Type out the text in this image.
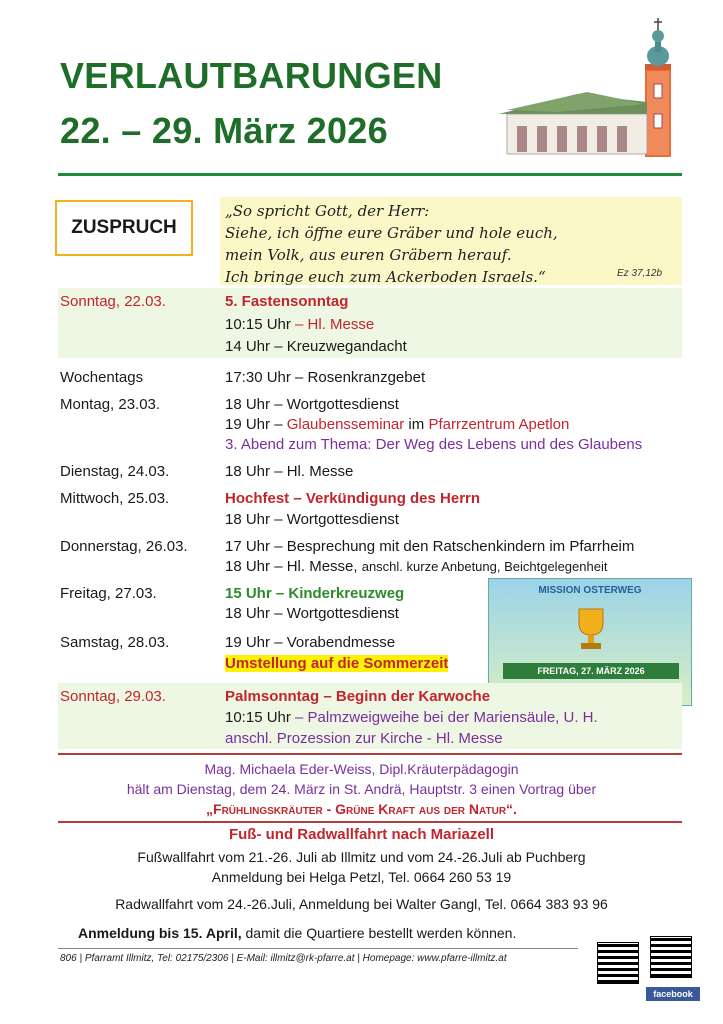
VERLAUTBARUNGEN
22. – 29. März 2026
ZUSPRUCH
„So spricht Gott, der Herr:
Siehe, ich öffne eure Gräber und hole euch,
mein Volk, aus euren Gräbern herauf.
Ich bringe euch zum Ackerboden Israels.“	Ez 37,12b
Sonntag, 22.03.	5. Fastensonntag
10:15 Uhr – Hl. Messe
14 Uhr – Kreuzwegandacht
Wochentags	17:30 Uhr – Rosenkranzgebet
Montag, 23.03.	18 Uhr – Wortgottesdienst
19 Uhr – Glaubensseminar im Pfarrzentrum Apetlon
3. Abend zum Thema: Der Weg des Lebens und des Glaubens
Dienstag, 24.03.	18 Uhr – Hl. Messe
Mittwoch, 25.03.	Hochfest – Verkündigung des Herrn
18 Uhr – Wortgottesdienst
Donnerstag, 26.03. 17 Uhr – Besprechung mit den Ratschenkindern im Pfarrheim
18 Uhr – Hl. Messe, anschl. kurze Anbetung, Beichtgelegenheit
Freitag, 27.03.	15 Uhr – Kinderkreuzweg
18 Uhr – Wortgottesdienst
MISSION OSTERWEG
FREITAG, 27. MÄRZ 2026
Samstag, 28.03.	19 Uhr – Vorabendmesse
Umstellung auf die Sommerzeit
Sonntag, 29.03.	Palmsonntag – Beginn der Karwoche
10:15 Uhr – Palmzweigweihe bei der Mariensäule, U. H.
anschl. Prozession zur Kirche - Hl. Messe
Mag. Michaela Eder-Weiss, Dipl.Kräuterpädagogin
hält am Dienstag, dem 24. März in St. Andrä, Hauptstr. 3 einen Vortrag über
„Frühlingskräuter - Grüne Kraft aus der Natur“.
Fuß- und Radwallfahrt nach Mariazell
Fußwallfahrt vom 21.-26. Juli ab Illmitz und vom 24.-26.Juli ab Puchberg
Anmeldung bei Helga Petzl, Tel. 0664 260 53 19
Radwallfahrt vom 24.-26.Juli, Anmeldung bei Walter Gangl, Tel. 0664 383 93 96
Anmeldung bis 15. April, damit die Quartiere bestellt werden können.
806 | Pfarramt Illmitz, Tel: 02175/2306 | E-Mail: illmitz@rk-pfarre.at | Homepage: www.pfarre-illmitz.at
facebook
